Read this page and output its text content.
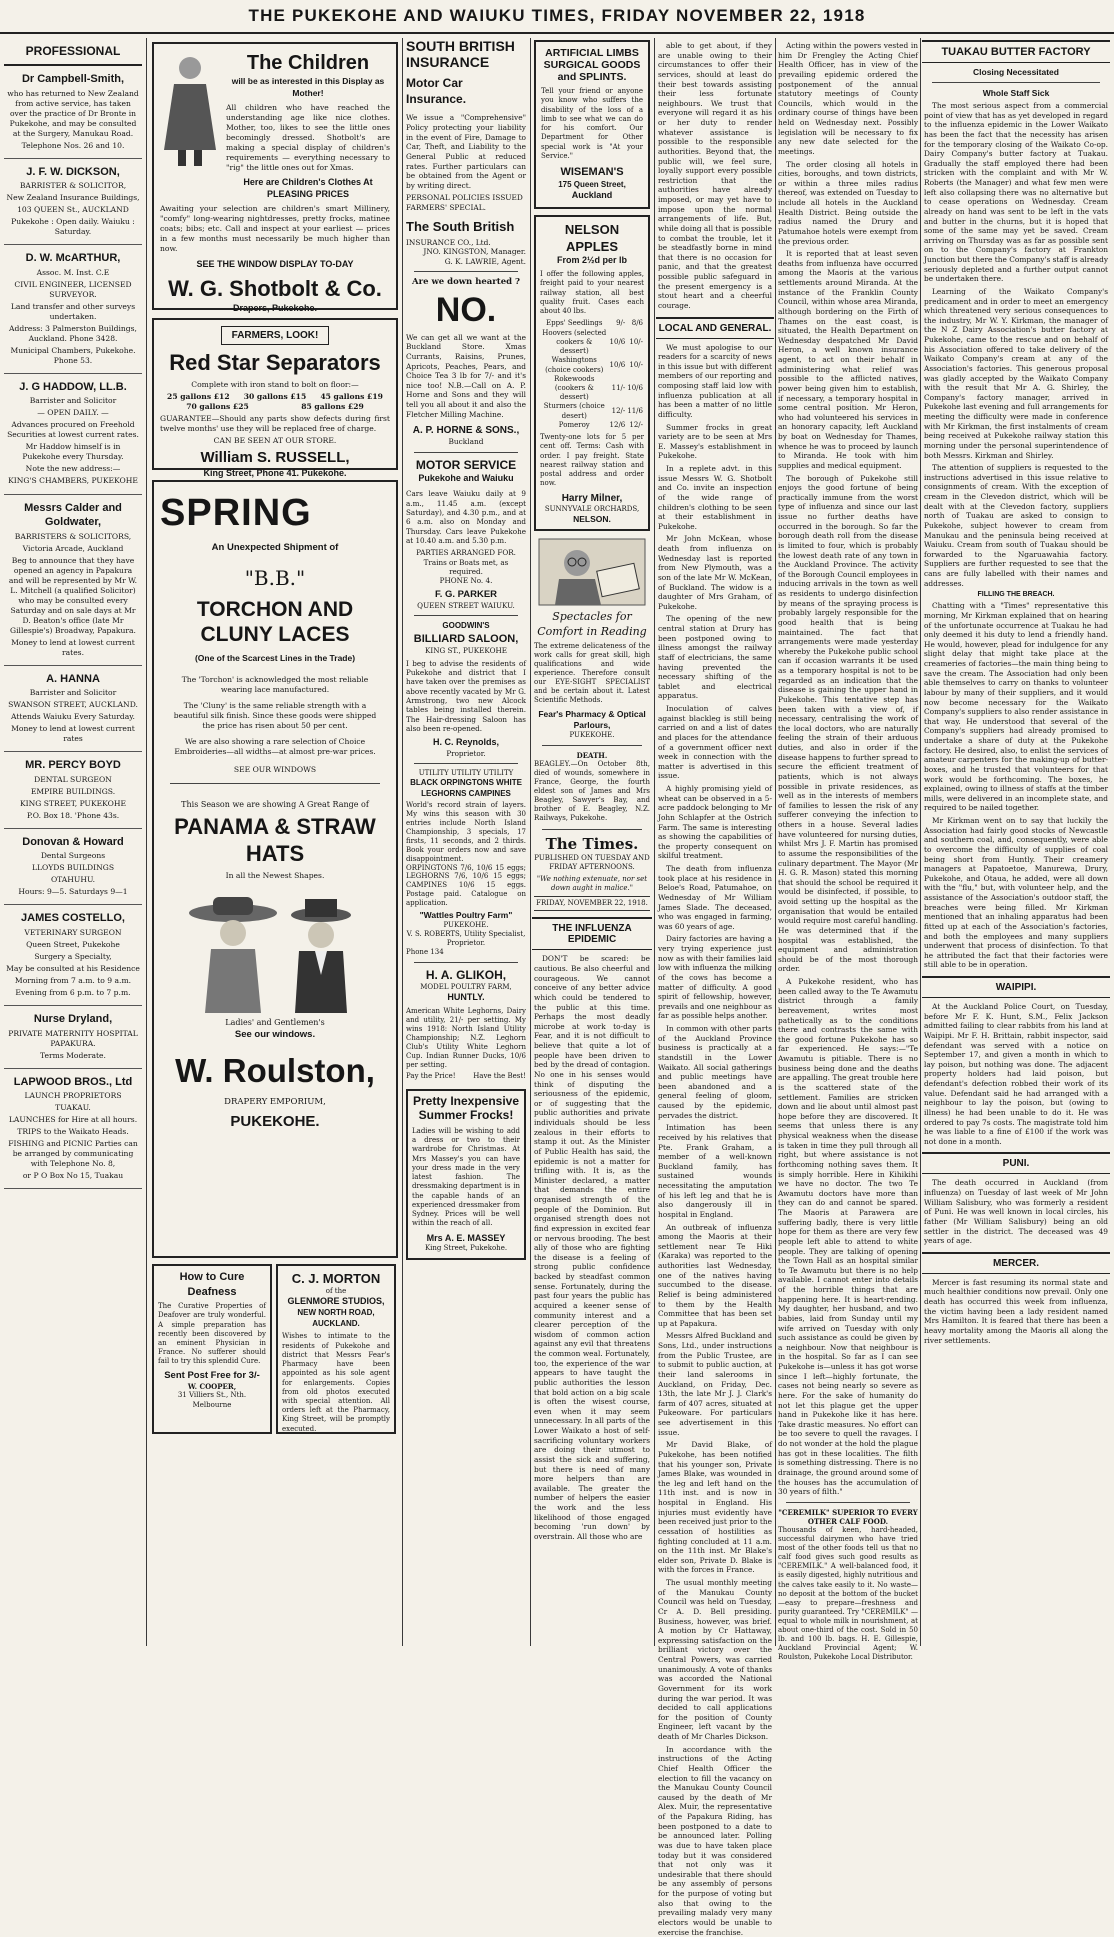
THE PUKEKOHE AND WAIUKU TIMES, FRIDAY NOVEMBER 22, 1918
PROFESSIONAL
Dr Campbell-Smith,

who has returned to New Zealand from active service, has taken over the practice of Dr Bronte in Pukekohe, and may be consulted at the Surgery, Manukau Road.

Telephone Nos. 26 and 10.

J. F. W. DICKSON,

BARRISTER & SOLICITOR,

New Zealand Insurance Buildings,

103 QUEEN St., AUCKLAND

Pukekohe : Open daily. Waiuku : Saturday.

D. W. McARTHUR,

Assoc. M. Inst. C.E

CIVIL ENGINEER, LICENSED SURVEYOR.

Land transfer and other surveys undertaken.

Address: 3 Palmerston Buildings, Auckland. Phone 3428.

Municipal Chambers, Pukekohe. Phone 53.

J. G HADDOW, LL.B.

Barrister and Solicitor

— OPEN DAILY. —

Advances procured on Freehold Securities at lowest current rates.

Mr Haddow himself is in Pukekohe every Thursday.

Note the new address:—

KING'S CHAMBERS, PUKEKOHE

Messrs Calder and Goldwater,

BARRISTERS & SOLICITORS,

Victoria Arcade, Auckland

Beg to announce that they have opened an agency in Papakura and will be represented by Mr W. L. Mitchell (a qualified Solicitor) who may be consulted every Saturday and on sale days at Mr D. Beaton's office (late Mr Gillespie's) Broadway, Papakura.

Money to lend at lowest current rates.

A. HANNA

Barrister and Solicitor

SWANSON STREET, AUCKLAND.

Attends Waiuku Every Saturday.

Money to lend at lowest current rates

MR. PERCY BOYD

DENTAL SURGEON

EMPIRE BUILDINGS.

KING STREET, PUKEKOHE

P.O. Box 18. 'Phone 43s.

Donovan & Howard

Dental Surgeons

LLOYDS BUILDINGS

OTAHUHU.

Hours: 9—5. Saturdays 9—1

JAMES COSTELLO,

VETERINARY SURGEON

Queen Street, Pukekohe

Surgery a Specialty,

May be consulted at his Residence

Morning from 7 a.m. to 9 a.m.

Evening from 6 p.m. to 7 p.m.

Nurse Dryland,

PRIVATE MATERNITY HOSPITAL PAPAKURA.

Terms Moderate.

LAPWOOD BROS., Ltd

LAUNCH PROPRIETORS

TUAKAU.

LAUNCHES for Hire at all hours.

TRIPS to the Waikato Heads.

FISHING and PICNIC Parties can be arranged by communicating with Telephone No. 8,

or P O Box No 15, Tuakau

The Children
will be as interested in this Display as Mother!
All children who have reached the understanding age like nice clothes. Mother, too, likes to see the little ones becomingly dressed. Shotbolt's are making a special display of children's requirements — everything necessary to "rig" the little ones out for Xmas.
Here are Children's Clothes At PLEASING PRICES
Awaiting your selection are children's smart Millinery, "comfy" long-wearing nightdresses, pretty frocks, matinee coats; bibs; etc. Call and inspect at your earliest — prices in a few months must necessarily be much higher than now.
SEE THE WINDOW DISPLAY TO-DAY
W. G. Shotbolt & Co.
Drapers, Pukekohe.
FARMERS, LOOK!
Red Star Separators
Complete with iron stand to bolt on floor:—
25 gallons £12	30 gallons £15	45 gallons £19
70 gallons £25	85 gallons £29
GUARANTEE—Should any parts show defects during first twelve months' use they will be replaced free of charge.
CAN BE SEEN AT OUR STORE.
William S. RUSSELL,
King Street, Phone 41. Pukekohe.
SPRING
An Unexpected Shipment of
"B.B."
TORCHON AND CLUNY LACES
(One of the Scarcest Lines in the Trade)

The 'Torchon' is acknowledged the most reliable wearing lace manufactured.

The 'Cluny' is the same reliable strength with a beautiful silk finish. Since these goods were shipped the price has risen about 50 per cent.

We are also showing a rare selection of Choice Embroideries—all widths—at almost pre-war prices.

SEE OUR WINDOWS
This Season we are showing A Great Range of
PANAMA & STRAW HATS
In all the Newest Shapes.
Ladies' and Gentlemen's
See our windows.
W. Roulston,
DRAPERY EMPORIUM,
PUKEKOHE.
How to Cure Deafness
The Curative Properties of Deafover are truly wonderful. A simple preparation has recently been discovered by an eminent Physician in France. No sufferer should fail to try this splendid Cure.
Sent Post Free for 3/-
W. COOPER,
31 Villiers St., Nth. Melbourne
C. J. MORTON
of the
GLENMORE STUDIOS,
NEW NORTH ROAD, AUCKLAND.
Wishes to intimate to the residents of Pukekohe and district that Messrs Fear's Pharmacy have been appointed as his sole agent for enlargements. Copies from old photos executed with special attention. All orders left at the Pharmacy, King Street, will be promptly executed.
SOUTH BRITISH INSURANCE
Motor Car Insurance.
We issue a "Comprehensive" Policy protecting your liability in the event of Fire, Damage to Car, Theft, and Liability to the General Public at reduced rates. Further particulars can be obtained from the Agent or by writing direct.
PERSONAL POLICIES ISSUED FARMERS' SPECIAL.
The South British
INSURANCE CO., Ltd.
JNO. KINGSTON, Manager.
G. K. LAWRIE, Agent.
Are we down hearted ?
NO.
We can get all we want at the Buckland Store. Xmas Currants, Raisins, Prunes, Apricots, Peaches, Pears, and Choice Tea 3 lb for 7/- and it's nice too! N.B.—Call on A. P. Horne and Sons and they will tell you all about it and also the Fletcher Milling Machine.
A. P. HORNE & SONS.,
Buckland
MOTOR SERVICE
Pukekohe and Waiuku
Cars leave Waiuku daily at 9 a.m., 11.45 a.m. (except Saturday), and 4.30 p.m., and at 6 a.m. also on Monday and Thursday. Cars leave Pukekohe at 10.40 a.m. and 5.30 p.m.
PARTIES ARRANGED FOR.
Trains or Boats met, as required.
PHONE No. 4.
F. G. PARKER
QUEEN STREET WAIUKU.
GOODWIN'S
BILLIARD SALOON,
KING ST., PUKEKOHE
I beg to advise the residents of Pukekohe and district that I have taken over the premises as above recently vacated by Mr G. Armstrong, two new Alcock tables being installed therein. The Hair-dressing Saloon has also been re-opened.
H. C. Reynolds,
Proprietor.
UTILITY UTILITY UTILITY
BLACK ORPINGTONS WHITE LEGHORNS CAMPINES
World's record strain of layers. My wins this season with 30 entries include North Island Championship, 3 specials, 17 firsts, 11 seconds, and 2 thirds. Book your orders now and save disappointment.
ORPINGTONS 7/6, 10/6 15 eggs; LEGHORNS 7/6, 10/6 15 eggs; CAMPINES 10/6 15 eggs. Postage paid. Catalogue on application.
"Wattles Poultry Farm"
PUKEKOHE.
V. S. ROBERTS, Utility Specialist, Proprietor.
Phone 134
H. A. GLIKOH,
MODEL POULTRY FARM,
HUNTLY.
American White Leghorns, Dairy and utility, 21/- per setting. My wins 1918: North Island Utility Championship; N.Z. Leghorn Club's Utility White Leghorn Cup. Indian Runner Ducks, 10/6 per setting.
Pay the Price!	Have the Best!
Pretty Inexpensive Summer Frocks!
Ladies will be wishing to add a dress or two to their wardrobe for Christmas. At Mrs Massey's you can have your dress made in the very latest fashion. The dressmaking department is in the capable hands of an experienced dressmaker from Sydney. Prices will be well within the reach of all.
Mrs A. E. MASSEY
King Street, Pukekohe.
ARTIFICIAL LIMBS SURGICAL GOODS and SPLINTS.
Tell your friend or anyone you know who suffers the disability of the loss of a limb to see what we can do for his comfort. Our Department for Other special work is "At your Service."
WISEMAN'S
175 Queen Street,
Auckland
NELSON APPLES
From 2½d per lb
I offer the following apples, freight paid to your nearest railway station, all best quality fruit. Cases each about 40 lbs.
Epps' Seedlings	9/-	8/6
Hoovers (selected cookers & dessert)	10/6	10/-
Washingtons (choice cookers)	10/6	10/-
Rokewoods (cookers & dessert)	11/-	10/6
Sturmers (choice desert)	12/-	11/6
Pomeroy	12/6	12/-
Twenty-one lots for 5 per cent off. Terms: Cash with order. I pay freight. State nearest railway station and postal address and order now.
Harry Milner,
SUNNYVALE ORCHARDS,
NELSON.
Spectacles for Comfort in Reading
The extreme delicateness of the work calls for great skill, high qualifications and wide experience. Therefore consult our EYE-SIGHT SPECIALIST and be certain about it. Latest Scientific Methods.
Fear's Pharmacy & Optical Parlours,
PUKEKOHE.
DEATH.
BEAGLEY.—On October 8th, died of wounds, somewhere in France, George, the fourth eldest son of James and Mrs Beagley, Sawyer's Bay, and brother of E. Beagley, N.Z. Railways, Pukekohe.
The Times.
PUBLISHED ON TUESDAY AND FRIDAY AFTERNOONS.
"We nothing extenuate, nor set down aught in malice."
FRIDAY, NOVEMBER 22, 1918.
THE INFLUENZA EPIDEMIC

DON'T be scared: be cautious. Be also cheerful and courageous. We cannot conceive of any better advice which could be tendered to the public at this time. Perhaps the most deadly microbe at work to-day is Fear, and it is not difficult to believe that quite a lot of people have been driven to bed by the dread of contagion. No one in his senses would think of disputing the seriousness of the epidemic, or of suggesting that the public authorities and private individuals should be less zealous in their efforts to stamp it out. As the Minister of Public Health has said, the epidemic is not a matter for trifling with. It is, as the Minister declared, a matter that demands the entire organised strength of the people of the Dominion. But organised strength does not find expression in excited fear or nervous brooding. The best ally of those who are fighting the disease is a feeling of strong public confidence backed by steadfast common sense. Fortunately, during the past four years the public has acquired a keener sense of community interest and a clearer perception of the wisdom of common action against any evil that threatens the common weal. Fortunately, too, the experience of the war appears to have taught the public authorities the lesson that bold action on a big scale is often the wisest course, even when it may seem unnecessary. In all parts of the Lower Waikato a host of self-sacrificing voluntary workers are doing their utmost to assist the sick and suffering, but there is need of many more helpers than are available. The greater the number of helpers the easier the work and the less likelihood of those engaged becoming 'run down' by overstrain. All those who are

able to get about, if they are unable owing to their circumstances to offer their services, should at least do their best towards assisting their less fortunate neighbours. We trust that everyone will regard it as his or her duty to render whatever assistance is possible to the responsible authorities. Beyond that, the public will, we feel sure, loyally support every possible restriction that the authorities have already imposed, or may yet have to impose upon the normal arrangements of life. But, while doing all that is possible to combat the trouble, let it be steadfastly borne in mind that there is no occasion for panic, and that the greatest possible public safeguard in the present emergency is a stout heart and a cheerful courage.

LOCAL AND GENERAL.

We must apologise to our readers for a scarcity of news in this issue but with different members of our reporting and composing staff laid low with influenza publication at all has been a matter of no little difficulty.

Summer frocks in great variety are to be seen at Mrs E. Massey's establishment in Pukekohe.

In a replete advt. in this issue Messrs W. G. Shotbolt and Co. invite an inspection of the wide range of children's clothing to be seen at their establishment in Pukekohe.

Mr John McKean, whose death from influenza on Wednesday last is reported from New Plymouth, was a son of the late Mr W. McKean, of Buckland. The widow is a daughter of Mrs Graham, of Pukekohe.

The opening of the new central station at Drury has been postponed owing to illness amongst the railway staff of electricians, the same having prevented the necessary shifting of the tablet and electrical apparatus.

Inoculation of calves against blackleg is still being carried on and a list of dates and places for the attendance of a government officer next week in connection with the matter is advertised in this issue.

A highly promising yield of wheat can be observed in a 5-acre paddock belonging to Mr John Schlapfer at the Ostrich Farm. The same is interesting as showing the capabilities of the property consequent on skilful treatment.

The death from influenza took place at his residence in Beloe's Road, Patumahoe, on Wednesday of Mr William James Slade. The deceased, who was engaged in farming, was 60 years of age.

Dairy factories are having a very trying experience just now as with their families laid low with influenza the milking of the cows has become a matter of difficulty. A good spirit of fellowship, however, prevails and one neighbour as far as possible helps another.

In common with other parts of the Auckland Province business is practically at a standstill in the Lower Waikato. All social gatherings and public meetings have been abandoned and a general feeling of gloom, caused by the epidemic, pervades the district.

Intimation has been received by his relatives that Pte. Frank Graham, a member of a well-known Buckland family, has sustained wounds necessitating the amputation of his left leg and that he is also dangerously ill in hospital in England.

An outbreak of influenza among the Maoris at their settlement near Te Hiki (Karaka) was reported to the authorities last Wednesday, one of the natives having succumbed to the disease. Relief is being administered to them by the Health Committee that has been set up at Papakura.

Messrs Alfred Buckland and Sons, Ltd., under instructions from the Public Trustee, are to submit to public auction, at their land salerooms in Auckland, on Friday, Dec. 13th, the late Mr J. J. Clark's farm of 407 acres, situated at Pukeoware. For particulars see advertisement in this issue.

Mr David Blake, of Pukekohe, has been notified that his younger son, Private James Blake, was wounded in the leg and left hand on the 11th inst. and is now in hospital in England. His injuries must evidently have been received just prior to the cessation of hostilities as fighting concluded at 11 a.m. on the 11th inst. Mr Blake's elder son, Private D. Blake is with the forces in France.

The usual monthly meeting of the Manukau County Council was held on Tuesday, Cr A. D. Bell presiding. Business, however, was brief. A motion by Cr Hattaway, expressing satisfaction on the brilliant victory over the Central Powers, was carried unanimously. A vote of thanks was accorded the National Government for its work during the war period. It was decided to call applications for the position of County Engineer, left vacant by the death of Mr Charles Dickson.

In accordance with the instructions of the Acting Chief Health Officer the election to fill the vacancy on the Manukau County Council caused by the death of Mr Alex. Muir, the representative of the Papakura Riding, has been postponed to a date to be announced later. Polling was due to have taken place today but it was considered that not only was it undesirable that there should be any assembly of persons for the purpose of voting but also that owing to the prevailing malady very many electors would be unable to exercise the franchise.

Acting within the powers vested in him Dr Frengley the Acting Chief Health Officer, has in view of the prevailing epidemic ordered the postponement of the annual statutory meetings of County Councils, which would in the ordinary course of things have been held on Wednesday next. Possibly legislation will be necessary to fix any new date selected for the meetings.

The order closing all hotels in cities, boroughs, and town districts, or within a three miles radius thereof, was extended on Tuesday to include all hotels in the Auckland Health District. Being outside the radius named the Drury and Patumahoe hotels were exempt from the previous order.

It is reported that at least seven deaths from influenza have occurred among the Maoris at the various settlements around Miranda. At the instance of the Franklin County Council, within whose area Miranda, although bordering on the Firth of Thames on the east coast, is situated, the Health Department on Wednesday despatched Mr David Heron, a well known insurance agent, to act on their behalf in administering what relief was possible to the afflicted natives, power being given him to establish, if necessary, a temporary hospital in some central position. Mr Heron, who had volunteered his services in an honorary capacity, left Auckland by boat on Wednesday for Thames, whence he was to proceed by launch to Miranda. He took with him supplies and medical equipment.

The borough of Pukekohe still enjoys the good fortune of being practically immune from the worst type of influenza and since our last issue no further deaths have occurred in the borough. So far the borough death roll from the disease is limited to four, which is probably the lowest death rate of any town in the Auckland Province. The activity of the Borough Council employees in inducing arrivals in the town as well as residents to undergo disinfection by means of the spraying process is probably largely responsible for the good health that is being maintained. The fact that arrangements were made yesterday whereby the Pukekohe public school can if occasion warrants it be used as a temporary hospital is not to be regarded as an indication that the disease is gaining the upper hand in Pukekohe. This tentative step has been taken with a view of, if necessary, centralising the work of the local doctors, who are naturally feeling the strain of their arduous duties, and also in order if the disease happens to further spread to secure the efficient treatment of patients, which is not always possible in private residences, as well as in the interests of members of families to lessen the risk of any sufferer conveying the infection to others in a house. Several ladies have volunteered for nursing duties, whilst Mrs J. F. Martin has promised to assume the responsibilities of the culinary department. The Mayor (Mr H. G. R. Mason) stated this morning that should the school be required it would be disinfected, if possible, to avoid setting up the hospital as the organisation that would be entailed would require most careful handling. He was determined that if the hospital was established, the equipment and administration should be of the most thorough order.

A Pukekohe resident, who has been called away to the Te Awamutu district through a family bereavement, writes most pathetically as to the conditions there and contrasts the same with the good fortune Pukekohe has so far experienced. He says:—"Te Awamutu is pitiable. There is no business being done and the deaths are appalling. The great trouble here is the scattered state of the settlement. Families are stricken down and lie about until almost past hope before they are discovered. It seems that unless there is any physical weakness when the disease is taken in time they pull through all right, but where assistance is not forthcoming nothing saves them. It is simply horrible. Here in Kihikihi we have no doctor. The two Te Awamutu doctors have more than they can do and cannot be spared. The Maoris at Parawera are suffering badly, there is very little hope for them as there are very few people left able to attend to white people. They are talking of opening the Town Hall as an hospital similar to Te Awamutu but there is no help available. I cannot enter into details of the horrible things that are happening here. It is heart-rending. My daughter, her husband, and two babies, laid from Sunday until my wife arrived on Tuesday with only such assistance as could be given by a neighbour. Now that neighbour is in the hospital. So far as I can see Pukekohe is—unless it has got worse since I left—highly fortunate, the cases not being nearly so severe as here. For the sake of humanity do not let this plague get the upper hand in Pukekohe like it has here. Take drastic measures. No effort can be too severe to quell the ravages. I do not wonder at the hold the plague has got in these localities. The filth is something distressing. There is no drainage, the ground around some of the houses has the accumulation of 30 years of filth."

"CEREMILK" SUPERIOR TO EVERY OTHER CALF FOOD.
Thousands of keen, hard-headed, successful dairymen who have tried most of the other foods tell us that no calf food gives such good results as "CEREMILK." A well-balanced food, it is easily digested, highly nutritious and the calves take easily to it. No waste—no deposit at the bottom of the bucket—easy to prepare—freshness and purity guaranteed. Try "CEREMILK" — equal to whole milk in nourishment, at about one-third of the cost. Sold in 50 lb. and 100 lb. bags. H. E. Gillespie, Auckland Provincial Agent; W. Roulston, Pukekohe Local Distributor.
TUAKAU BUTTER FACTORY
Closing Necessitated
Whole Staff Sick

The most serious aspect from a commercial point of view that has as yet developed in regard to the influenza epidemic in the Lower Waikato has been the fact that the necessity has arisen for the temporary closing of the Waikato Co-op. Dairy Company's butter factory at Tuakau. Gradually the staff employed there had been stricken with the complaint and with Mr W. Roberts (the Manager) and what few men were left also collapsing there was no alternative but to cease operations on Wednesday. Cream already on hand was sent to be left in the vats and butter in the churns, but it is hoped that some of the same may yet be saved. Cream arriving on Thursday was as far as possible sent on to the Company's factory at Frankton Junction but there the Company's staff is already seriously depleted and a further output cannot be undertaken there.

Learning of the Waikato Company's predicament and in order to meet an emergency which threatened very serious consequences to the industry, Mr W. Y. Kirkman, the manager of the N Z Dairy Association's butter factory at Pukekohe, came to the rescue and on behalf of his Association offered to take delivery of the Waikato Company's cream at any of the Association's factories. This generous proposal was gladly accepted by the Waikato Company with the result that Mr A. G. Shirley, the Company's factory manager, arrived in Pukekohe last evening and full arrangements for meeting the difficulty were made in conference with Mr Kirkman, the first instalments of cream being received at Pukekohe railway station this morning under the personal superintendence of both Messrs. Kirkman and Shirley.

The attention of suppliers is requested to the instructions advertised in this issue relative to consignments of cream. With the exception of cream in the Clevedon district, which will be dealt with at the Clevedon factory, suppliers north of Tuakau are asked to consign to Pukekohe, subject however to cream from Manukau and the peninsula being received at Waiuku. Cream from south of Tuakau should be forwarded to the Ngaruawahia factory. Suppliers are further requested to see that the cans are fully labelled with their names and addresses.

FILLING THE BREACH.

Chatting with a "Times" representative this morning, Mr Kirkman explained that on hearing of the unfortunate occurrence at Tuakau he had only deemed it his duty to lend a friendly hand. He would, however, plead for indulgence for any slight delay that might take place at the creameries of factories—the main thing being to save the cream. The Association had only been able themselves to carry on thanks to volunteer labour by many of their suppliers, and it would now become necessary for the Waikato Company's suppliers to also render assistance in that way. He understood that several of the Company's suppliers had already promised to undertake a share of duty at the Pukekohe factory. He desired, also, to enlist the services of amateur carpenters for the making-up of butter-boxes, and he trusted that volunteers for that work would be forthcoming. The boxes, he explained, owing to illness of staffs at the timber mills, were delivered in an incomplete state, and required to be nailed together.

Mr Kirkman went on to say that luckily the Association had fairly good stocks of Newcastle and southern coal, and, consequently, were able to overcome the difficulty of supplies of coal being short from Huntly. Their creamery managers at Papatoetoe, Manurewa, Drury, Pukekohe, and Otaua, he added, were all down with the "flu," but, with volunteer help, and the assistance of the Association's outdoor staff, the breaches were being filled. Mr Kirkman mentioned that an inhaling apparatus had been fitted up at each of the Association's factories, and both the employees and many suppliers underwent that process of disinfection. To that he attributed the fact that their factories were still able to be in operation.

WAIPIPI.

At the Auckland Police Court, on Tuesday, before Mr F. K. Hunt, S.M., Felix Jackson admitted failing to clear rabbits from his land at Waipipi. Mr F. H. Brittain, rabbit inspector, said defendant was served with a notice on September 17, and given a month in which to lay poison, but nothing was done. The adjacent property holders had laid poison, but defendant's defection robbed their work of its value. Defendant said he had arranged with a neighbour to lay the poison, but (owing to illness) he had been unable to do it. He was ordered to pay 7s costs. The magistrate told him he was liable to a fine of £100 if the work was not done in a month.

PUNI.

The death occurred in Auckland (from influenza) on Tuesday of last week of Mr John William Salisbury, who was formerly a resident of Puni. He was well known in local circles, his father (Mr William Salisbury) being an old settler in the district. The deceased was 49 years of age.

MERCER.

Mercer is fast resuming its normal state and much healthier conditions now prevail. Only one death has occurred this week from influenza, the victim having been a lady resident named Mrs Hamilton. It is feared that there has been a heavy mortality among the Maoris all along the river settlements.
